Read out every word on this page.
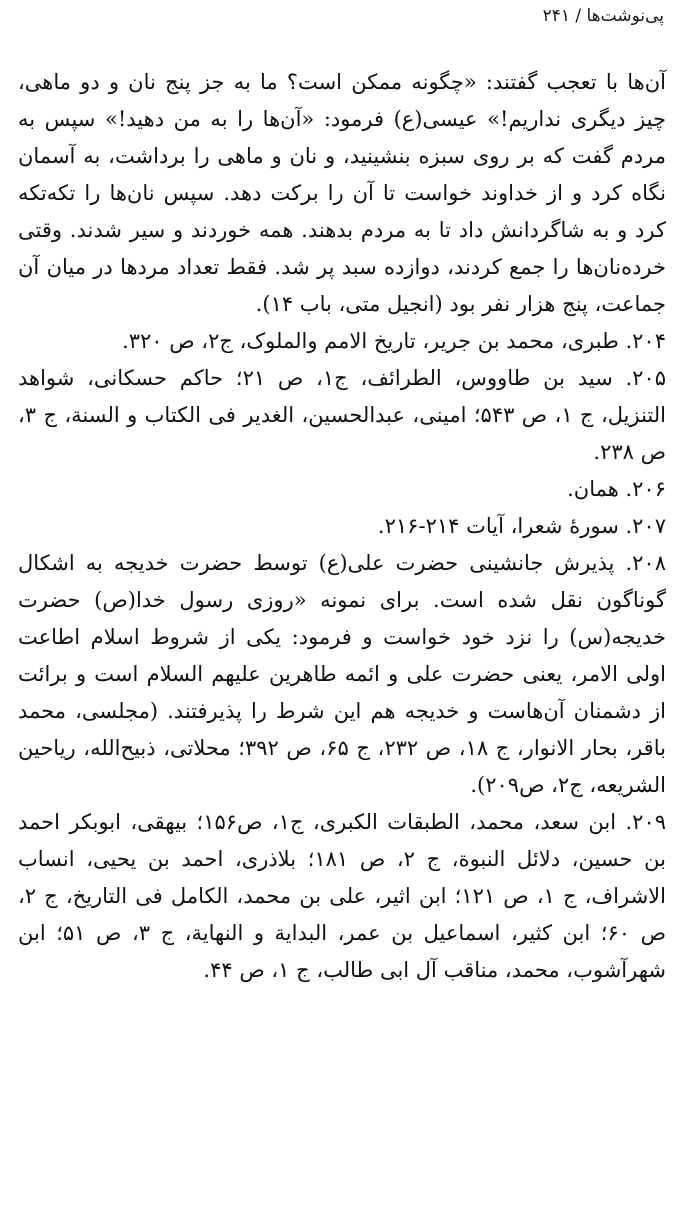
پی‌نوشت‌ها / ۲۴۱

آن‌ها با تعجب گفتند: «چگونه ممکن است؟ ما به جز پنج نان و دو ماهی، چیز دیگری نداریم!» عیسی(ع) فرمود: «آن‌ها را به من دهید!» سپس به مردم گفت که بر روی سبزه بنشینید، و نان و ماهی را برداشت، به آسمان نگاه کرد و از خداوند خواست تا آن را برکت دهد. سپس نان‌ها را تکه‌تکه کرد و به شاگردانش داد تا به مردم بدهند. همه خوردند و سیر شدند. وقتی خرده‌نان‌ها را جمع کردند، دوازده سبد پر شد. فقط تعداد مردها در میان آن جماعت، پنج هزار نفر بود (انجیل متی، باب ۱۴).

۲۰۴. طبری، محمد بن جریر، تاریخ الامم والملوک، ج۲، ص ۳۲۰.

۲۰۵. سید بن طاووس، الطرائف، ج۱، ص ۲۱؛ حاکم حسکانی، شواهد التنزیل، ج ۱، ص ۵۴۳؛ امینی، عبدالحسین، الغدیر فی الکتاب و السنة، ج ۳، ص ۲۳۸.

۲۰۶. همان.

۲۰۷. سورهٔ شعرا، آیات ۲۱۴-۲۱۶.

۲۰۸. پذیرش جانشینی حضرت علی(ع) توسط حضرت خدیجه به اشکال گوناگون نقل شده است. برای نمونه «روزی رسول خدا(ص) حضرت خدیجه(س) را نزد خود خواست و فرمود: یکی از شروط اسلام اطاعت اولی الامر، یعنی حضرت علی و ائمه طاهرین علیهم السلام است و برائت از دشمنان آن‌هاست و خدیجه هم این شرط را پذیرفتند. (مجلسی، محمد باقر، بحار الانوار، ج ۱۸، ص ۲۳۲، ج ۶۵، ص ۳۹۲؛ محلاتی، ذبیح‌الله، ریاحین الشریعه، ج۲، ص۲۰۹).

۲۰۹. ابن سعد، محمد، الطبقات الکبری، ج۱، ص۱۵۶؛ بیهقی، ابوبکر احمد بن حسین، دلائل النبوة، ج ۲، ص ۱۸۱؛ بلاذری، احمد بن یحیی، انساب الاشراف، ج ۱، ص ۱۲۱؛ ابن اثیر، علی بن محمد، الکامل فی التاریخ، ج ۲، ص ۶۰؛ ابن کثیر، اسماعیل بن عمر، البدایة و النهایة، ج ۳، ص ۵۱؛ ابن شهرآشوب، محمد، مناقب آل ابی طالب، ج ۱، ص ۴۴.
